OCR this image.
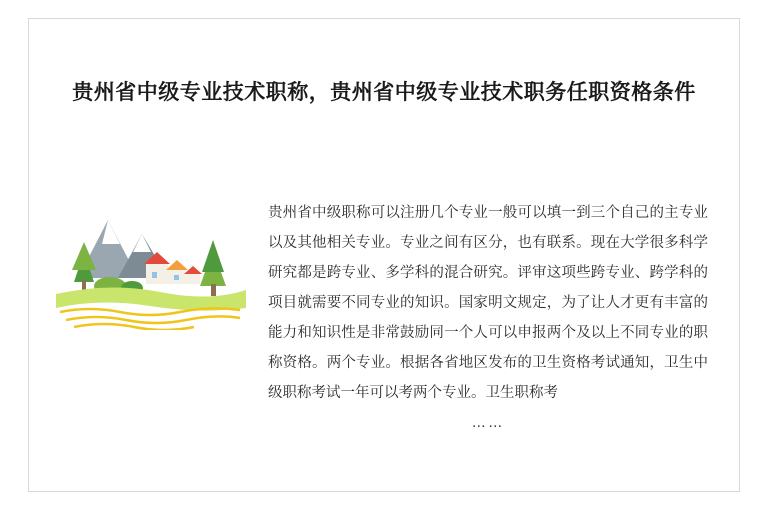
贵州省中级专业技术职称，贵州省中级专业技术职务任职资格条件
贵州省中级职称可以注册几个专业一般可以填一到三个自己的主专业以及其他相关专业。专业之间有区分，也有联系。现在大学很多科学研究都是跨专业、多学科的混合研究。评审这项些跨专业、跨学科的项目就需要不同专业的知识。国家明文规定，为了让人才更有丰富的能力和知识性是非常鼓励同一个人可以申报两个及以上不同专业的职称资格。两个专业。根据各省地区发布的卫生资格考试通知，卫生中级职称考试一年可以考两个专业。卫生职称考
……
